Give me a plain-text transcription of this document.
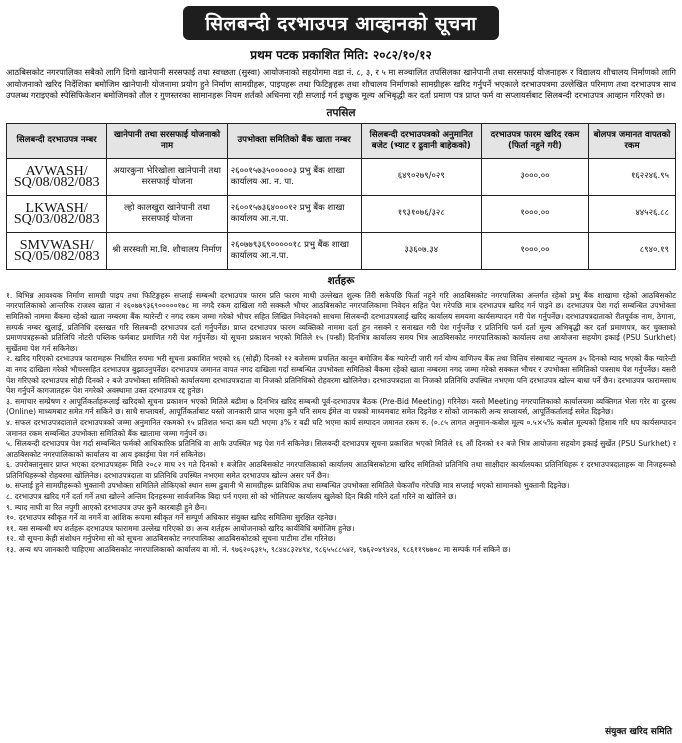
सिलबन्दी दरभाउपत्र आव्हानको सूचना
प्रथम पटक प्रकाशित मिति: २०८२/१०/१२
आठबिसकोट नगरपालिका सबैको लागि दिगो खानेपानी सरसफाई तथा स्वच्छता (सुस्वा) आयोजनाको सहयोगमा वडा नं. ८, ३, र ५ मा सञ्चालित तपसिलका खानेपानी तथा सरसफाई योजनाहरू र विद्यालय शौचालय निर्माणको लागि आयोजनाको खरिद निर्देशिका बमोजिम खानेपानी योजनामा प्रयोग हुने निर्माण सामग्रीहरू, पाइपहरू तथा फिटिङ्गहरू तथा शौचालय निर्माणको सामग्रीहरू खरिद गर्नुपर्ने भएकाले दरभाउपत्रमा उल्लेखित परिमाण तथा दरभाउपत्र साथ उपलब्ध गराइएको स्पेसिफिकेशन बमोजिमको तौल र गुणस्तरका सामानहरू नियम शर्तको अधिनमा रही सप्लाई गर्न इच्छुक मूल्य अभिबृद्धी कर दर्ता प्रमाण पत्र प्राप्त फर्म वा सप्लायर्सबाट सिलबन्दी दरभाउपत्र आव्हान गरिएको छ।
तपसिल
सिलबन्दी दरभाउपत्र नम्बर	खानेपानी तथा सरसफाई योजनाको नाम	उपभोक्ता समितिको बैंक खाता नम्बर	सिलबन्दी दरभाउपत्रको अनुमानित बजेट (भ्याट र ढुवानी बाहेकको)	दरभाउपत्र फारम खरिद रकम (फिर्ता नहुने गरी)	बोलपत्र जमानत वापतको रकम
AVWASH/ SQ/08/082/083	अयारकुना भेरिखोला खानेपानी तथा सरसफाई योजना	२६००१५७३५०००००३ प्रभु बैंक शाखा कार्यालय आ. न. पा.	६४९०२७९/०२९	३०००.००	१६२२४६.९५
LKWASH/ SQ/03/082/083	ल्हो कालखुरा खानेपानी तथा सरसफाई योजना	२६००१५७३६४०००१२ प्रभु बैंक शाखा कार्यालय आ.न.पा.	१९३१०७६/३२८	१०००.००	४४५२६.८८
SMVWASH/ SQ/05/082/083	श्री सरस्वती मा.वि. शौचालय निर्माण	२६०७७९३६९०००००१८ प्रभु बैंक शाखा कार्यालय आ.न.पा.	३३६०७.३४	१०००.००	८९४०.१९
शर्तहरू
१. बिभिन्न आवश्यक निर्माण सामग्री पाइप तथा फिटिङ्गहरू सप्लाई सम्बन्धी दरभाउपत्र फारम प्रति फारम माथी उल्लेखत शुल्क तिरी सकेपछि फिर्ता नहुने गरि आठबिसकोट नगरपालिका अन्तर्गत रहेको प्रभु बैंक शाखामा रहेको आठबिसकोट नगरपालिकाको आन्तरिक राजश्व खाता नं २६०७७९३६९०००००१७८ मा नगदै रकम दाखिला गरी सक्कलै भौचर आठबिसकोट नगरपालिकामा निवेदन सहित पेश गरेपछि मात्र दरभाउपत्र खरिद गर्न पाइने छ। दरभाउपत्र पेश गर्दा सम्बन्धित उपभोक्ता समितिको नाममा बैंकमा रहेको खाता नम्बरमा बैंक ग्यारेन्टी र नगद रकम जम्मा गरेको भौचर सहित लिखित निवेदनको साथमा सिलबन्दी दरभाउपत्रलाई खरिद कार्यालय समयमा कार्यसम्पादन गरी पेश गर्नुपर्नेछ। दरभाउपत्रदाताको रीतपूर्वक नाम, ठेगाना, सम्पर्क नम्बर खुलाई, प्रतिनिधि दस्तखत गरि सिलबन्दी दरभाउपत्र दर्ता गर्नुपर्नेछ। प्राप्त दरभाउपत्र फारम व्यक्तिको नाममा दर्ता हुन नसक्ने र सनाखत गरी पेश गर्नुपर्नेछ र प्रतिनिधि फर्म दर्ता मूल्य अभिबृद्धी कर दर्ता प्रमाणपत्र, कर चुक्ताको प्रमाणपत्रहरूको प्रतिलिपि नोटरी पब्लिक फर्मबाट प्रमाणित गरी पेश गर्नुपर्नेछ। यो सूचना प्रकाशन भएको मितिले १५ (पन्ध्रौं) दिनभित्र कार्यालय समय भित्र आठबिसकोट नगरपालिकाको कार्यालय तथा आयोजना सहयोग इकाई (PSU Surkhet) सुर्खेतमा पेश गर्न सकिनेछ।
२. खरिद गरिएको दरभाउपत्र फारामहरू निर्धारित रुपमा भरी सूचना प्रकाशित भएको १६ (सोह्रौं) दिनको १२ बजेसम्म प्रचलित कानून बमोजिम बैंक ग्यारेन्टी जारी गर्न योग्य वाणिज्य बैंक तथा वित्तिय संस्थाबाट न्यूनतम ३५ दिनको म्याद भएको बैंक ग्यारेन्टी वा नगद दाखिला गरेको भौचरसहित दरभाउपत्र बुझाउनुपर्नेछ। दरभाउपत्र जमानत वापत नगद दाखिला गर्दा सम्बन्धित उपभोक्ता समितिको बैंकमा रहेको खाता नम्बरमा नगद जम्मा गरेको सक्कल भौचर र उपभोक्ता समितिको पत्रसाथ पेश गर्नुपर्नेछ। यसरी पेश गरिएको दरभाउपत्र सोही दिनको २ बजे उपभोक्ता समितिको कार्यालयमा दरभाउपत्रदाता वा निजको प्रतिनिधिको रोहवरमा खोलिनेछ। दरभाउपत्रदाता वा निजको प्रतिनिधि उपस्थित नभएमा पनि दरभाउपत्र खोल्न बाधा पर्ने छैन। दरभाउपत्र फारामसाथ पेश गर्नुपर्ने कागजातहरू पेश नगरेको अवस्थामा उक्त दरभाउपत्र रद्द हुनेछ।
३. समाचार सम्प्रेषण र आपूर्तिकर्ताहरूलाई खरिदको सूचना प्रकाशन भएको मितिले बढीमा ७ दिनभित्र खरिद सम्बन्धी पूर्व-दरभाउपत्र बैठक (Pre-Bid Meeting) गरिनेछ। यस्तो Meeting नगरपालिकाको कार्यालयमा व्यक्तिगत भेला गरेर वा दुरस्थ (Online) माध्यमबाट समेत गर्न सकिने छ। साथै सप्लायर्स, आपूर्तिकर्ताबाट यस्तो जानकारी प्राप्त भएमा कुनै पनि समय ईमेल वा पत्रको माध्यमबाट समेत दिइनेछ र सोको जानकारी अन्य सप्लायर्स, आपूर्तिकर्तालाई समेत दिइनेछ।
४. सफल दरभाउपत्रदाताले दरभाउपत्रको जम्मा अनुमानित रकमको १५ प्रतिशत भन्दा कम घटी भएमा ३% र बढी घटि भएमा कार्य सम्पादन जमानत रकम रु. (०.८५ लागत अनुमान-कबोल मूल्य ०.५×५% कबोल मूल्यको हिसाब गरि थप कार्यसम्पादन जमानत रकम सम्बन्धित उपभोक्ता समितिको बैंक खातामा जम्मा गर्नुपर्ने छ।
५. सिलबन्दी दरभाउपत्र पेश गर्दा सम्बन्धित फर्मको आधिकारिक प्रतिनिधि वा आफै उपस्थित भइ पेश गर्न सकिनेछ। सिलबन्दी दरभाउपत्र सूचना प्रकाशित भएको मितिले १६ औं दिनको १२ बजे भित्र आयोजना सहयोग इकाई सुर्खेत (PSU Surkhet) र आठबिसकोट नगरपालिकाको कार्यालय वा आय इकाईमा पेश गर्न सकिनेछ।
६. उपरोक्तानुसार प्राप्त भएका दरभाउपत्रहरू मिति २०८२ माघ २९ गते दिनको १ बजेतिर आठबिसकोट नगरपालिकाको कार्यालय आठबिसकोटमा खरिद समितिको प्रतिनिधि तथा साक्षीदार कार्यालयका प्रतिनिधिहरू र दरभाउपत्रदाताहरू वा निजहरूको प्रतिनिधिहरूको रोहबरमा खोलिनेछ। दरभाउपत्रदाता वा प्रतिनिधि उपस्थित नभएमा समेत दरभाउपत्र खोल्न असर पर्ने छैन।
७. सप्लाई हुने सामग्रीहरूको भुक्तानी उपभोक्ता समितिले तोकिएको स्थान सम्म ढुवानी भै सामग्रीहरू प्राविधिक तथा सम्बन्धित उपभोक्ता समितिले चेकजाँच गरेपछि मात्र सप्लाई भएको सामानको भुक्तानी दिइनेछ।
८. दरभाउपत्र खरिद गर्ने दर्ता गर्ने तथा खोल्ने अन्तिम दिनहरूमा सार्वजनिक बिदा पर्न गएमा सो को भोलिपल्ट कार्यालय खुलेको दिन बिक्री गरिने दर्ता गरिने वा खोलिने छ।
९. म्याद नाघी वा रित नपुगी आएको दरभाउपत्र उपर कुनै कारबाही हुने छैन।
१०. दरभाउपत्र स्वीकृत गर्ने वा नगर्ने वा आंशिक रूपमा स्वीकृत गर्ने सम्पूर्ण अधिकार संयुक्त खरिद समितिमा सुरक्षित रहनेछ।
११. यस सम्बन्धी थप शर्तहरू दरभाउपत्र फाराममा उल्लेख गरिएको छ। अन्य शर्तहरू आयोजनाको खरिद कार्यविधि बमोजिम हुनेछ।
१२. यो सूचना केही संशोधन गर्नुपरेमा सो को सूचना आठबिसकोट नगरपालिका आठबिसकोटको सूचना पाटीमा टाँस गरिनेछ।
१३. अन्य थप जानकारी चाहिएमा आठबिसकोट नगरपालिकाको कार्यालय वा मो. नं. ९७६२०६३१५, ९८४४८३२४९४, ९८६५५८८५४२, ९७६२०४९४२४, ९८६११९७७०८ मा सम्पर्क गर्न सकिने छ।
संयुक्त खरिद समिति
